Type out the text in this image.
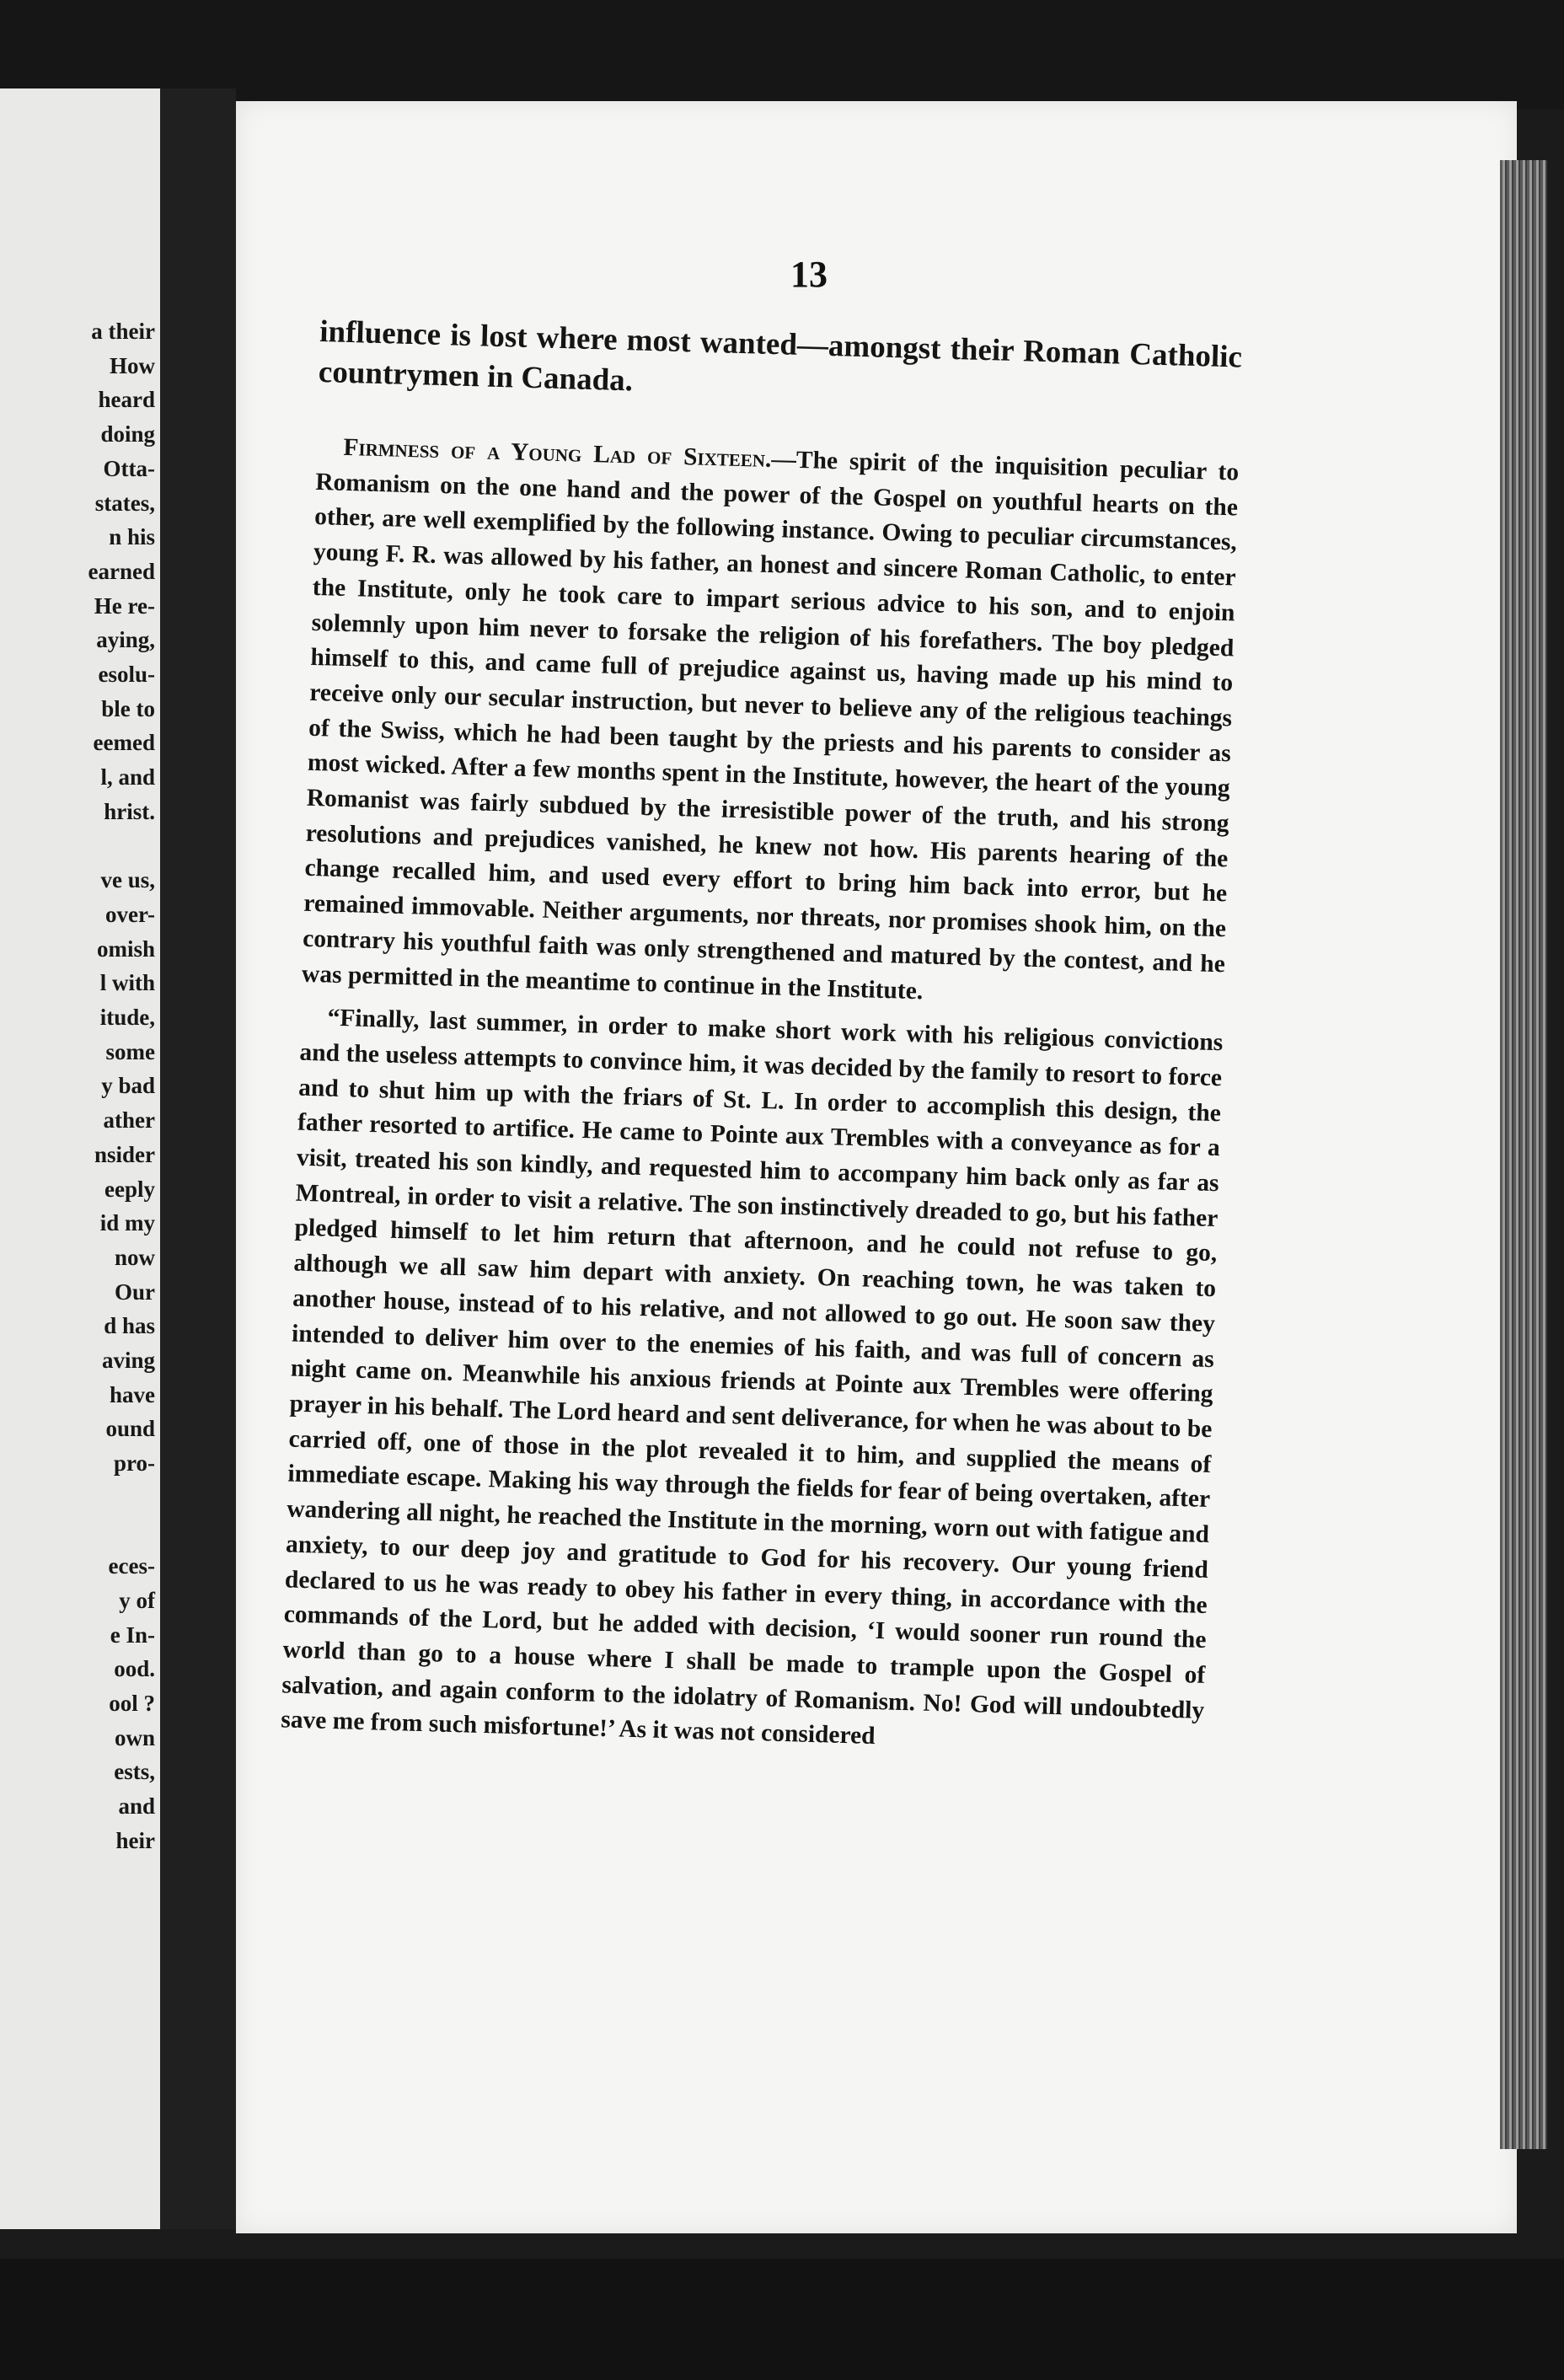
a their

How

heard

doing

Otta-

states,

n his

earned

He re-

aying,

esolu-

ble to

eemed

l, and

hrist.

ve us,

over-

omish

l with

itude,

some

y bad

ather

nsider

eeply

id my

now

Our

d has

aving

have

ound

pro-

eces-

y of

e In-

ood.

ool ?

own

ests,

and

heir

13

influence is lost where most wanted—amongst their Roman Catholic countrymen in Canada.

Firmness of a Young Lad of Sixteen.—The spirit of the inquisition peculiar to Romanism on the one hand and the power of the Gospel on youthful hearts on the other, are well exemplified by the following instance. Owing to peculiar circumstances, young F. R. was allowed by his father, an honest and sincere Roman Catholic, to enter the Institute, only he took care to impart serious advice to his son, and to enjoin solemnly upon him never to forsake the religion of his forefathers. The boy pledged himself to this, and came full of prejudice against us, having made up his mind to receive only our secular instruction, but never to believe any of the religious teachings of the Swiss, which he had been taught by the priests and his parents to consider as most wicked. After a few months spent in the Institute, however, the heart of the young Romanist was fairly subdued by the irresistible power of the truth, and his strong resolutions and prejudices vanished, he knew not how. His parents hearing of the change recalled him, and used every effort to bring him back into error, but he remained immovable. Neither arguments, nor threats, nor promises shook him, on the contrary his youthful faith was only strengthened and matured by the contest, and he was permitted in the meantime to continue in the Institute.

“Finally, last summer, in order to make short work with his religious convictions and the useless attempts to convince him, it was decided by the family to resort to force and to shut him up with the friars of St. L. In order to accomplish this design, the father resorted to artifice. He came to Pointe aux Trembles with a conveyance as for a visit, treated his son kindly, and requested him to accompany him back only as far as Montreal, in order to visit a relative. The son instinctively dreaded to go, but his father pledged himself to let him return that afternoon, and he could not refuse to go, although we all saw him depart with anxiety. On reaching town, he was taken to another house, instead of to his relative, and not allowed to go out. He soon saw they intended to deliver him over to the enemies of his faith, and was full of concern as night came on. Meanwhile his anxious friends at Pointe aux Trembles were offering prayer in his behalf. The Lord heard and sent deliverance, for when he was about to be carried off, one of those in the plot revealed it to him, and supplied the means of immediate escape. Making his way through the fields for fear of being overtaken, after wandering all night, he reached the Institute in the morning, worn out with fatigue and anxiety, to our deep joy and gratitude to God for his recovery. Our young friend declared to us he was ready to obey his father in every thing, in accordance with the commands of the Lord, but he added with decision, ‘I would sooner run round the world than go to a house where I shall be made to trample upon the Gospel of salvation, and again conform to the idolatry of Romanism. No! God will undoubtedly save me from such misfortune!’ As it was not considered
